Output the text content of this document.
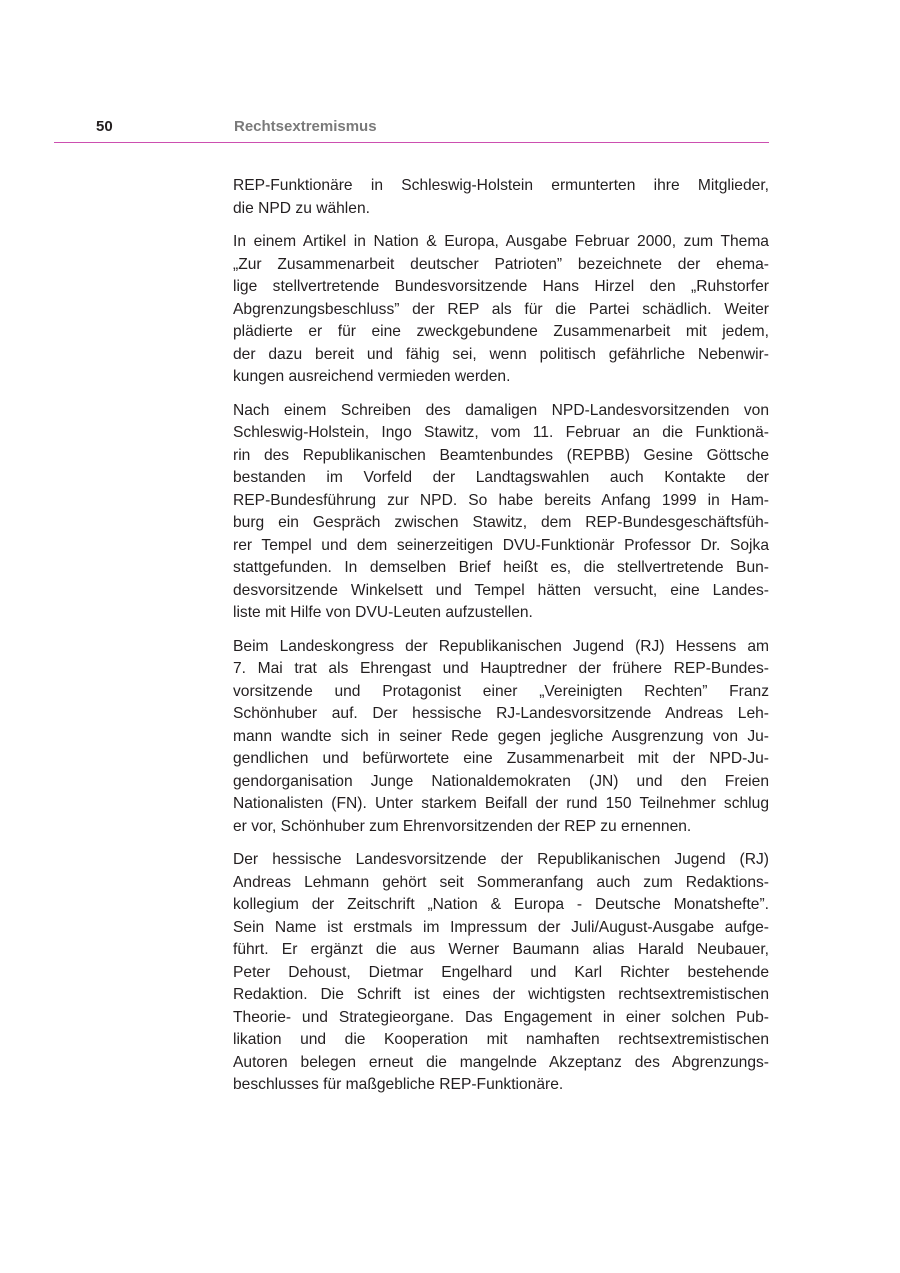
50	Rechtsextremismus
REP-Funktionäre in Schleswig-Holstein ermunterten ihre Mitglieder,
die NPD zu wählen.
In einem Artikel in Nation & Europa, Ausgabe Februar 2000, zum Thema
„Zur Zusammenarbeit deutscher Patrioten” bezeichnete der ehema-
lige stellvertretende Bundesvorsitzende Hans Hirzel den „Ruhstorfer
Abgrenzungsbeschluss” der REP als für die Partei schädlich. Weiter
plädierte er für eine zweckgebundene Zusammenarbeit mit jedem,
der dazu bereit und fähig sei, wenn politisch gefährliche Nebenwir-
kungen ausreichend vermieden werden.
Nach einem Schreiben des damaligen NPD-Landesvorsitzenden von
Schleswig-Holstein, Ingo Stawitz, vom 11. Februar an die Funktionä-
rin des Republikanischen Beamtenbundes (REPBB) Gesine Göttsche
bestanden im Vorfeld der Landtagswahlen auch Kontakte der
REP-Bundesführung zur NPD. So habe bereits Anfang 1999 in Ham-
burg ein Gespräch zwischen Stawitz, dem REP-Bundesgeschäftsfüh-
rer Tempel und dem seinerzeitigen DVU-Funktionär Professor Dr. Sojka
stattgefunden. In demselben Brief heißt es, die stellvertretende Bun-
desvorsitzende Winkelsett und Tempel hätten versucht, eine Landes-
liste mit Hilfe von DVU-Leuten aufzustellen.
Beim Landeskongress der Republikanischen Jugend (RJ) Hessens am
7. Mai trat als Ehrengast und Hauptredner der frühere REP-Bundes-
vorsitzende und Protagonist einer „Vereinigten Rechten” Franz
Schönhuber auf. Der hessische RJ-Landesvorsitzende Andreas Leh-
mann wandte sich in seiner Rede gegen jegliche Ausgrenzung von Ju-
gendlichen und befürwortete eine Zusammenarbeit mit der NPD-Ju-
gendorganisation Junge Nationaldemokraten (JN) und den Freien
Nationalisten (FN). Unter starkem Beifall der rund 150 Teilnehmer schlug
er vor, Schönhuber zum Ehrenvorsitzenden der REP zu ernennen.
Der hessische Landesvorsitzende der Republikanischen Jugend (RJ)
Andreas Lehmann gehört seit Sommeranfang auch zum Redaktions-
kollegium der Zeitschrift „Nation & Europa - Deutsche Monatshefte”.
Sein Name ist erstmals im Impressum der Juli/August-Ausgabe aufge-
führt. Er ergänzt die aus Werner Baumann alias Harald Neubauer,
Peter Dehoust, Dietmar Engelhard und Karl Richter bestehende
Redaktion. Die Schrift ist eines der wichtigsten rechtsextremistischen
Theorie- und Strategieorgane. Das Engagement in einer solchen Pub-
likation und die Kooperation mit namhaften rechtsextremistischen
Autoren belegen erneut die mangelnde Akzeptanz des Abgrenzungs-
beschlusses für maßgebliche REP-Funktionäre.
